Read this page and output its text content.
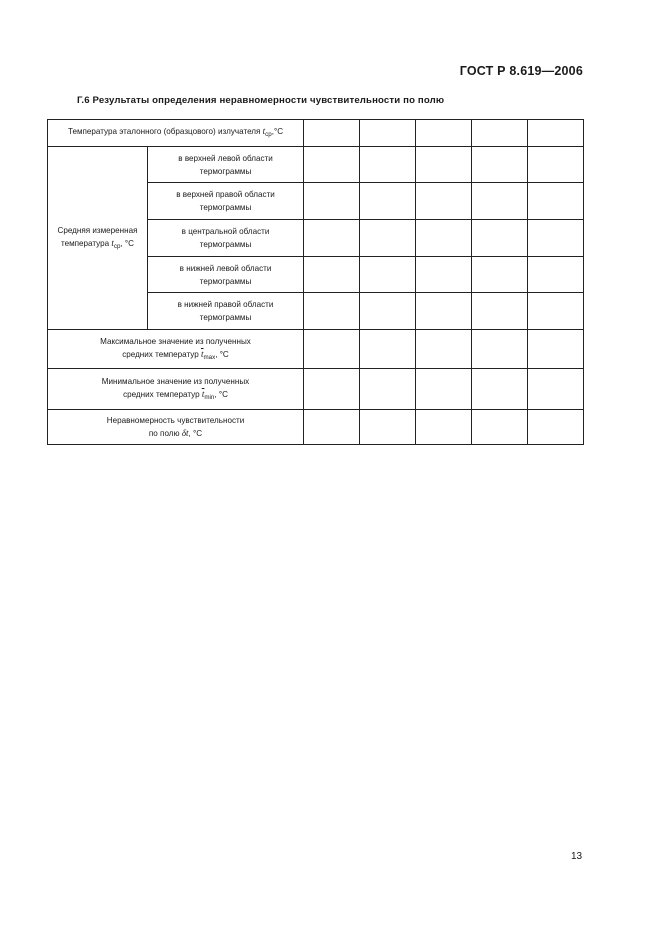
ГОСТ Р 8.619—2006
Г.6 Результаты определения неравномерности чувствительности по полю
Температура эталонного (образцового) излучателя $t_{ср},^\circ C$						
Средняя измеренная
температура $t_{ср}$, °C	в верхней левой области
термограммы					
	в верхней правой области
термограммы					
	в центральной области
термограммы					
	в нижней левой области
термограммы					
	в нижней правой области
термограммы					
Максимальное значение из полученных
средних температур $\overline{t}_{max}$, °C						
Минимальное значение из полученных
средних температур $\overline{t}_{min}$, °C						
Неравномерность чувствительности
по полю δt, °C						
13
